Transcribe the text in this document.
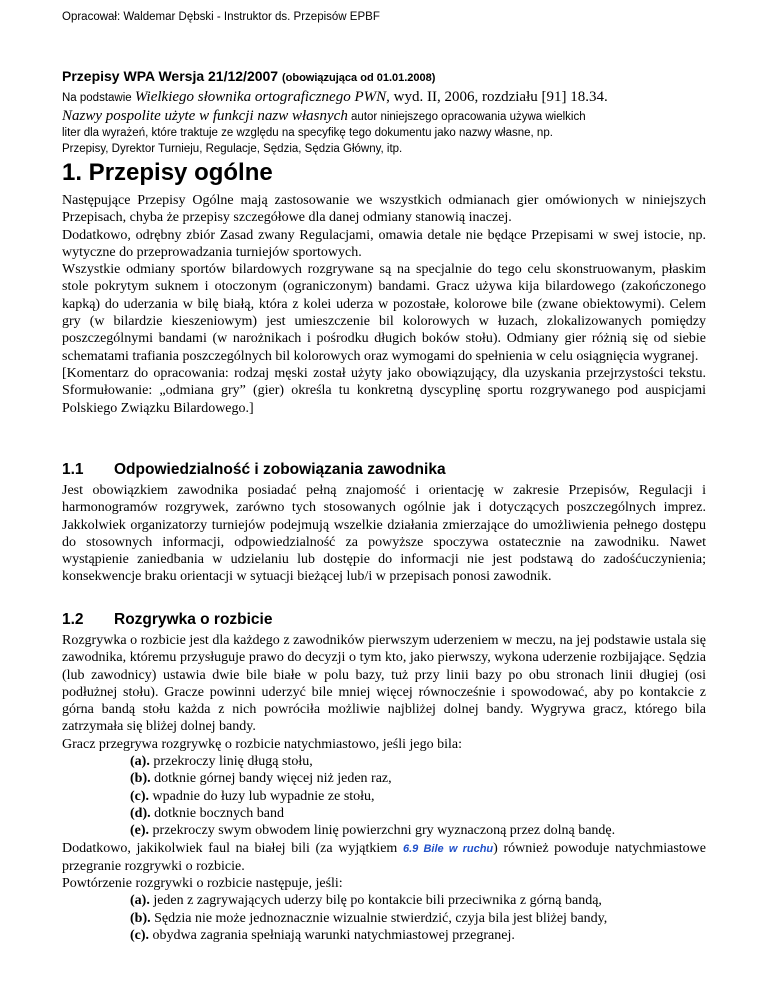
Opracował: Waldemar Dębski - Instruktor ds. Przepisów EPBF
Przepisy WPA Wersja 21/12/2007 (obowiązująca od 01.01.2008)
Na podstawie Wielkiego słownika ortograficznego PWN, wyd. II, 2006, rozdziału [91] 18.34.
Nazwy pospolite użyte w funkcji nazw własnych autor niniejszego opracowania używa wielkich
liter dla wyrażeń, które traktuje ze względu na specyfikę tego dokumentu jako nazwy własne, np.
Przepisy, Dyrektor Turnieju, Regulacje, Sędzia, Sędzia Główny, itp.
1. Przepisy ogólne

Następujące Przepisy Ogólne mają zastosowanie we wszystkich odmianach gier omówionych w niniejszych Przepisach, chyba że przepisy szczegółowe dla danej odmiany stanowią inaczej.

Dodatkowo, odrębny zbiór Zasad zwany Regulacjami, omawia detale nie będące Przepisami w swej istocie, np. wytyczne do przeprowadzania turniejów sportowych.

Wszystkie odmiany sportów bilardowych rozgrywane są na specjalnie do tego celu skonstruowanym, płaskim stole pokrytym suknem i otoczonym (ograniczonym) bandami. Gracz używa kija bilardowego (zakończonego kapką) do uderzania w bilę białą, która z kolei uderza w pozostałe, kolorowe bile (zwane obiektowymi). Celem gry (w bilardzie kieszeniowym) jest umieszczenie bil kolorowych w łuzach, zlokalizowanych pomiędzy poszczególnymi bandami (w narożnikach i pośrodku długich boków stołu). Odmiany gier różnią się od siebie schematami trafiania poszczególnych bil kolorowych oraz wymogami do spełnienia w celu osiągnięcia wygranej.

[Komentarz do opracowania: rodzaj męski został użyty jako obowiązujący, dla uzyskania przejrzystości tekstu. Sformułowanie: „odmiana gry” (gier) określa tu konkretną dyscyplinę sportu rozgrywanego pod auspicjami Polskiego Związku Bilardowego.]

1.1 Odpowiedzialność i zobowiązania zawodnika
Jest obowiązkiem zawodnika posiadać pełną znajomość i orientację w zakresie Przepisów, Regulacji i harmonogramów rozgrywek, zarówno tych stosowanych ogólnie jak i dotyczących poszczególnych imprez. Jakkolwiek organizatorzy turniejów podejmują wszelkie działania zmierzające do umożliwienia pełnego dostępu do stosownych informacji, odpowiedzialność za powyższe spoczywa ostatecznie na zawodniku. Nawet wystąpienie zaniedbania w udzielaniu lub dostępie do informacji nie jest podstawą do zadośćuczynienia; konsekwencje braku orientacji w sytuacji bieżącej lub/i w przepisach ponosi zawodnik.
1.2 Rozgrywka o rozbicie

Rozgrywka o rozbicie jest dla każdego z zawodników pierwszym uderzeniem w meczu, na jej podstawie ustala się zawodnika, któremu przysługuje prawo do decyzji o tym kto, jako pierwszy, wykona uderzenie rozbijające. Sędzia (lub zawodnicy) ustawia dwie bile białe w polu bazy, tuż przy linii bazy po obu stronach linii długiej (osi podłużnej stołu). Gracze powinni uderzyć bile mniej więcej równocześnie i spowodować, aby po kontakcie z górna bandą stołu każda z nich powróciła możliwie najbliżej dolnej bandy. Wygrywa gracz, którego bila zatrzymała się bliżej dolnej bandy.

Gracz przegrywa rozgrywkę o rozbicie natychmiastowo, jeśli jego bila:

(a). przekroczy linię długą stołu,

(b). dotknie górnej bandy więcej niż jeden raz,

(c). wpadnie do łuzy lub wypadnie ze stołu,

(d). dotknie bocznych band

(e). przekroczy swym obwodem linię powierzchni gry wyznaczoną przez dolną bandę.

Dodatkowo, jakikolwiek faul na białej bili (za wyjątkiem 6.9 Bile w ruchu) również powoduje natychmiastowe przegranie rozgrywki o rozbicie.

Powtórzenie rozgrywki o rozbicie następuje, jeśli:

(a). jeden z zagrywających uderzy bilę po kontakcie bili przeciwnika z górną bandą,

(b). Sędzia nie może jednoznacznie wizualnie stwierdzić, czyja bila jest bliżej bandy,

(c). obydwa zagrania spełniają warunki natychmiastowej przegranej.
